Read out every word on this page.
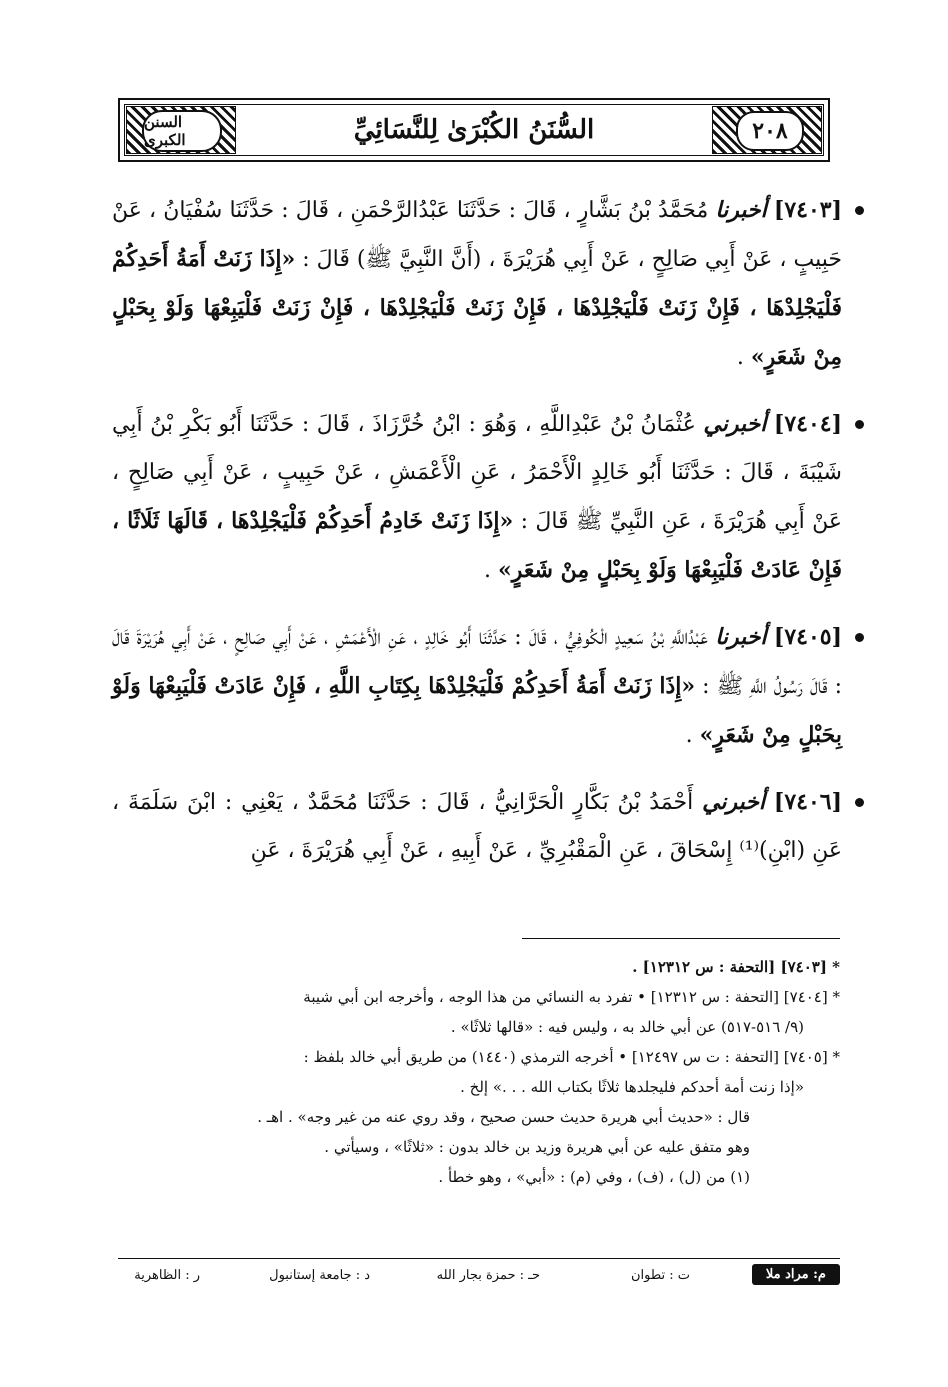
السنن الكبرى	٢٠٨
السُّنَنُ الكُبْرَىٰ لِلنَّسَائِيِّ
[٧٤٠٣] أخبرنا مُحَمَّدُ بْنُ بَشَّارٍ ، قَالَ : حَدَّثَنَا عَبْدُالرَّحْمَنِ ، قَالَ : حَدَّثَنَا سُفْيَانُ ، عَنْ حَبِيبٍ ، عَنْ أَبِي صَالِحٍ ، عَنْ أَبِي هُرَيْرَةَ ، (أَنَّ النَّبِيَّ ﷺ) قَالَ : «إِذَا زَنَتْ أَمَةُ أَحَدِكُمْ فَلْيَجْلِدْهَا ، فَإِنْ زَنَتْ فَلْيَجْلِدْهَا ، فَإِنْ زَنَتْ فَلْيَجْلِدْهَا ، فَإِنْ زَنَتْ فَلْيَبِعْهَا وَلَوْ بِحَبْلٍ مِنْ شَعَرٍ» .
[٧٤٠٤] أخبرني عُثْمَانُ بْنُ عَبْدِاللَّهِ ، وَهُوَ : ابْنُ خُرَّزَاذَ ، قَالَ : حَدَّثَنَا أَبُو بَكْرِ بْنُ أَبِي شَيْبَةَ ، قَالَ : حَدَّثَنَا أَبُو خَالِدٍ الْأَحْمَرُ ، عَنِ الْأَعْمَشِ ، عَنْ حَبِيبٍ ، عَنْ أَبِي صَالِحٍ ، عَنْ أَبِي هُرَيْرَةَ ، عَنِ النَّبِيِّ ﷺ قَالَ : «إِذَا زَنَتْ خَادِمُ أَحَدِكُمْ فَلْيَجْلِدْهَا ، قَالَهَا ثَلَاثًا ، فَإِنْ عَادَتْ فَلْيَبِعْهَا وَلَوْ بِحَبْلٍ مِنْ شَعَرٍ» .
[٧٤٠٥] أخبرنا عَبْدُاللَّهِ بْنُ سَعِيدٍ الْكُوفِيُّ ، قَالَ : حَدَّثَنَا أَبُو خَالِدٍ ، عَنِ الْأَعْمَشِ ، عَنْ أَبِي صَالِحٍ ، عَنْ أَبِي هُرَيْرَةَ قَالَ : قَالَ رَسُولُ اللَّهِ ﷺ : «إِذَا زَنَتْ أَمَةُ أَحَدِكُمْ فَلْيَجْلِدْهَا بِكِتَابِ اللَّهِ ، فَإِنْ عَادَتْ فَلْيَبِعْهَا وَلَوْ بِحَبْلٍ مِنْ شَعَرٍ» .
[٧٤٠٦] أخبرني أَحْمَدُ بْنُ بَكَّارٍ الْحَرَّانِيُّ ، قَالَ : حَدَّثَنَا مُحَمَّدٌ ، يَعْنِي : ابْنَ سَلَمَةَ ، عَنِ (ابْنِ)⁽¹⁾ إِسْحَاقَ ، عَنِ الْمَقْبُرِيِّ ، عَنْ أَبِيهِ ، عَنْ أَبِي هُرَيْرَةَ ، عَنِ

* [٧٤٠٣] [التحفة : س ١٢٣١٢] .

* [٧٤٠٤] [التحفة : س ١٢٣١٢] • تفرد به النسائي من هذا الوجه ، وأخرجه ابن أبي شيبة

(٩/ ٥١٦-٥١٧) عن أبي خالد به ، وليس فيه : «قالها ثلاثًا» .

* [٧٤٠٥] [التحفة : ت س ١٢٤٩٧] • أخرجه الترمذي (١٤٤٠) من طريق أبي خالد بلفظ :

«إذا زنت أمة أحدكم فليجلدها ثلاثًا بكتاب الله . . .» إلخ .

قال : «حديث أبي هريرة حديث حسن صحيح ، وقد روي عنه من غير وجه» . اهـ .

وهو متفق عليه عن أبي هريرة وزيد بن خالد بدون : «ثلاثًا» ، وسيأتي .

(١) من (ل) ، (ف) ، وفي (م) : «أبي» ، وهو خطأ .

م: مراد ملا
ت : تطوان
حـ : حمزة بجار الله
د : جامعة إستانبول
ر : الظاهرية
